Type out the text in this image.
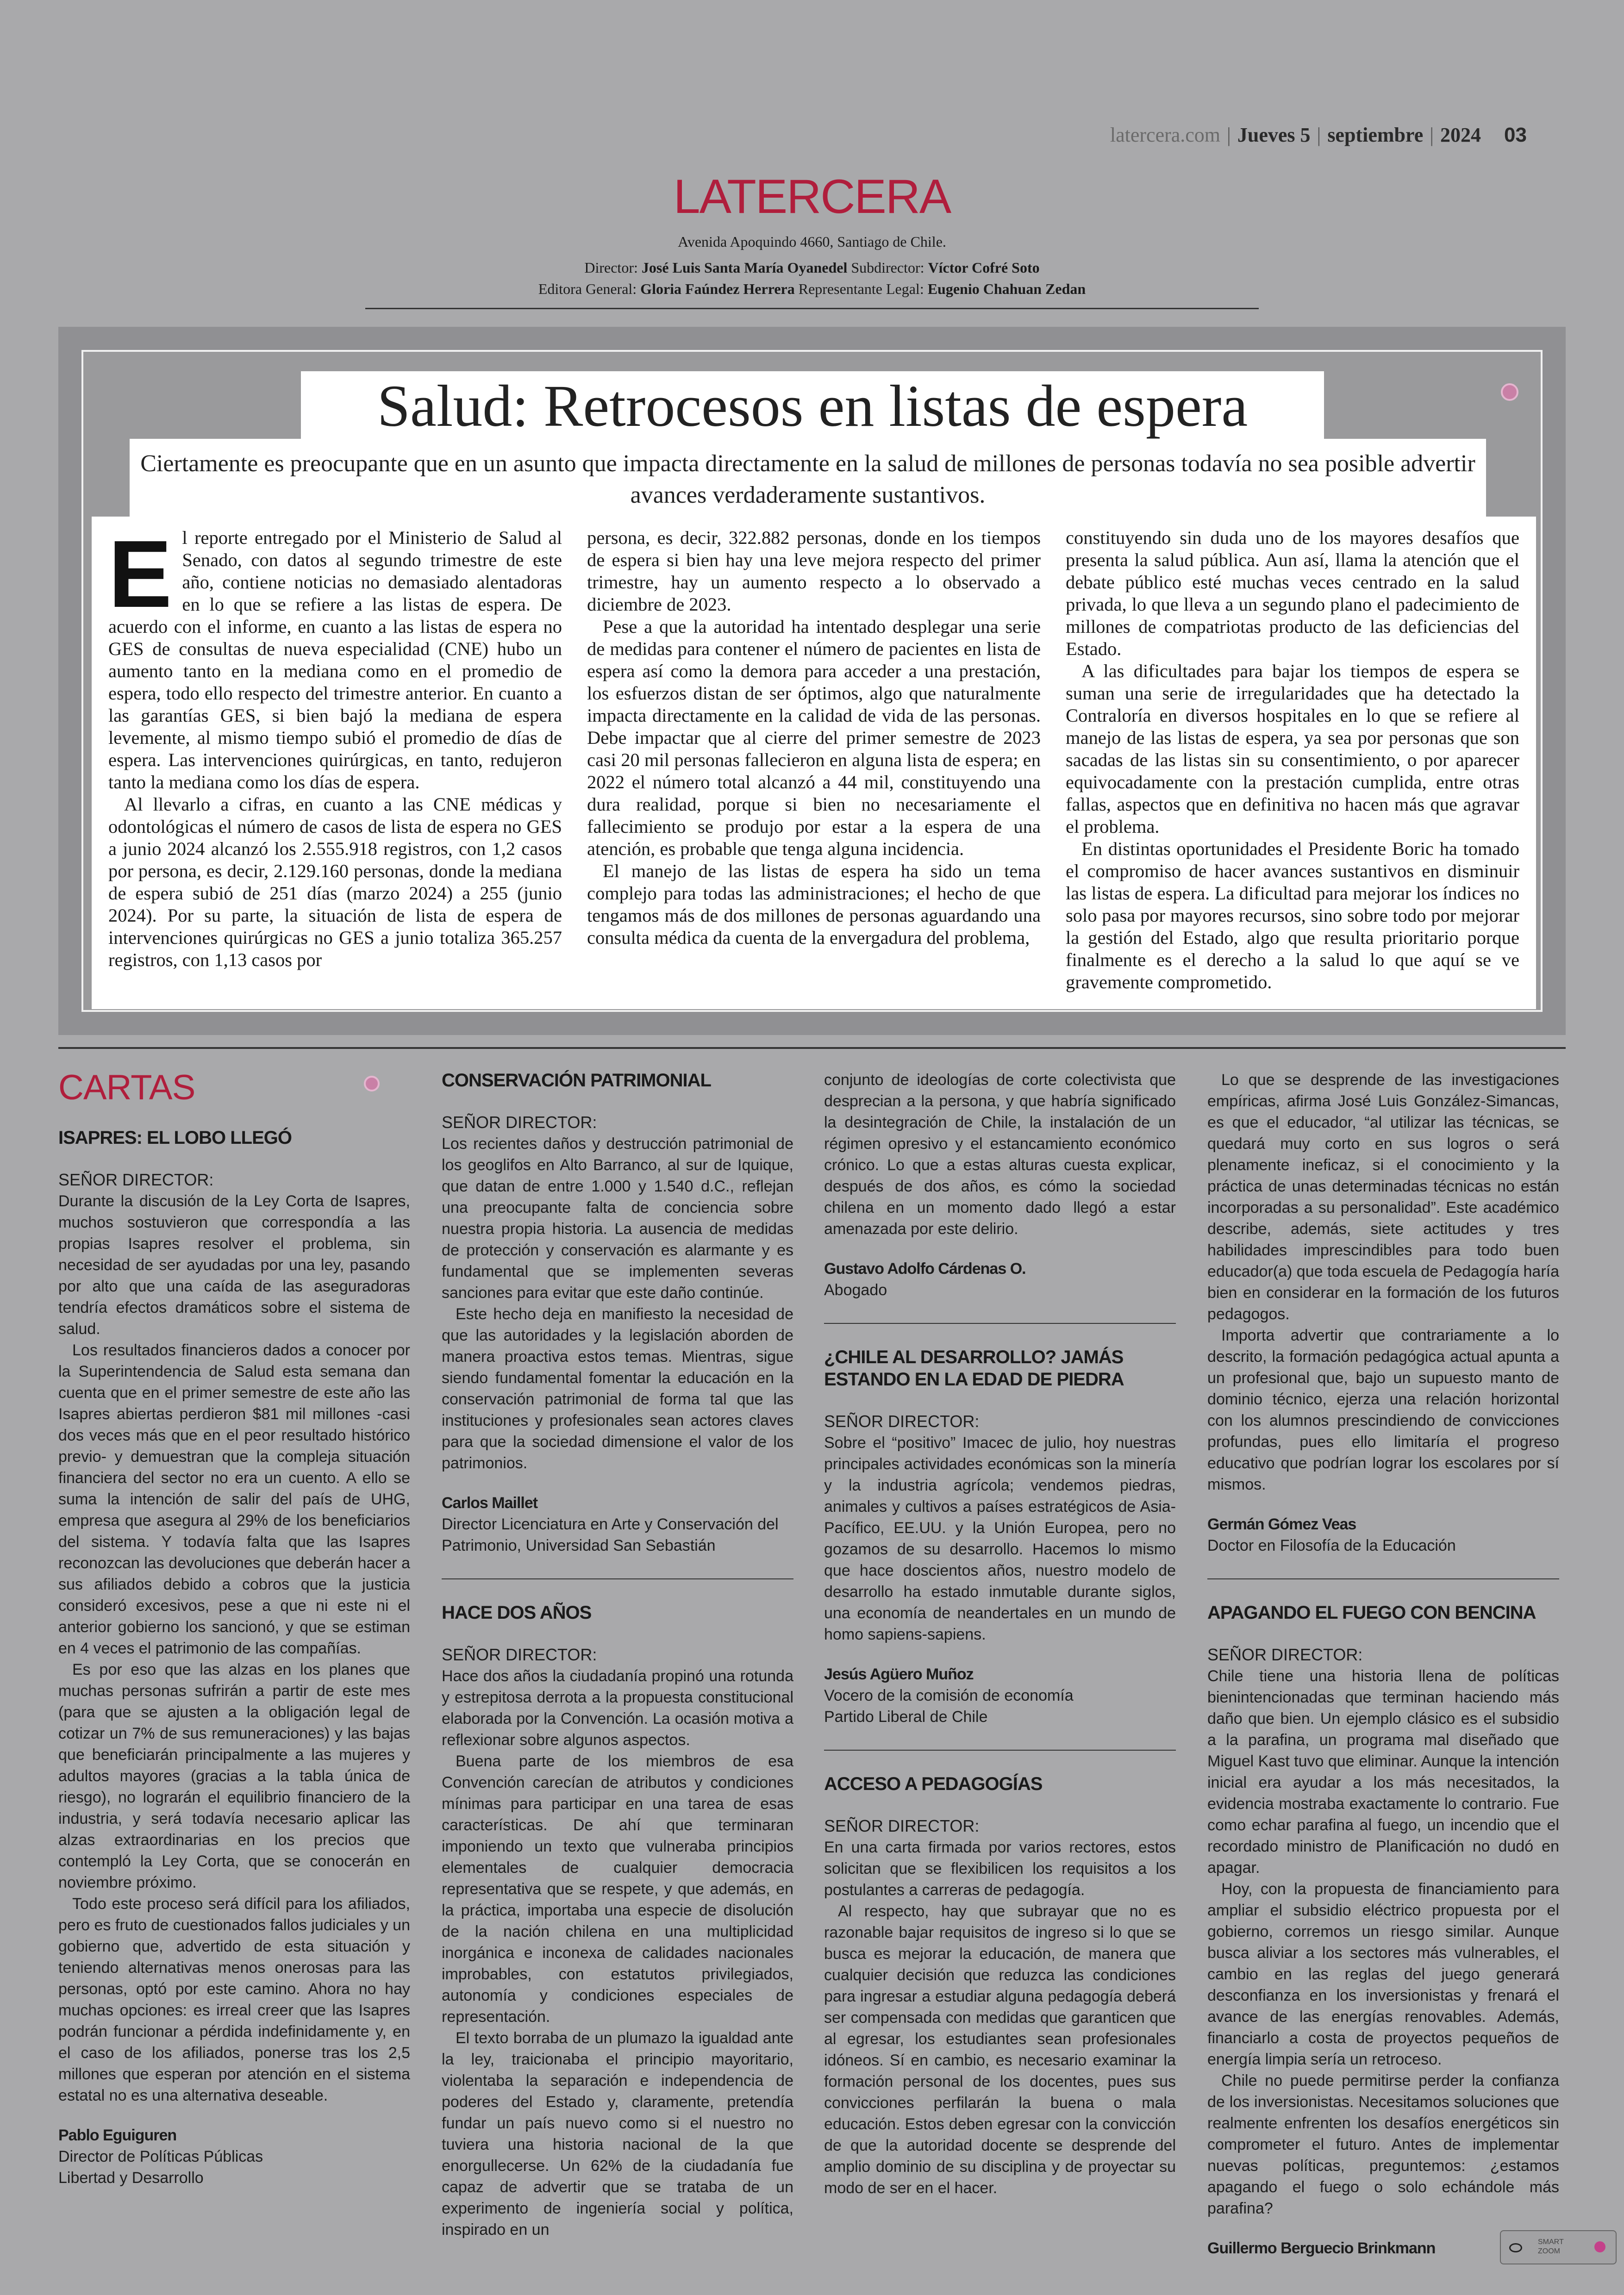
latercera.com | Jueves 5 | septiembre | 2024 03
LATERCERA
Avenida Apoquindo 4660, Santiago de Chile.
Director: José Luis Santa María Oyanedel Subdirector: Víctor Cofré Soto
Editora General: Gloria Faúndez Herrera Representante Legal: Eugenio Chahuan Zedan
Salud: Retrocesos en listas de espera
Ciertamente es preocupante que en un asunto que impacta directamente en la salud de millones de personas todavía no sea posible advertir avances verdaderamente sustantivos.
E l reporte entregado por el Ministerio de Salud al Senado, con datos al segundo trimestre de este año, contiene noticias no demasiado alentadoras en lo que se refiere a las listas de espera. De acuerdo con el informe, en cuanto a las listas de espera no GES de consultas de nueva especialidad (CNE) hubo un aumento tanto en la mediana como en el promedio de espera, todo ello respecto del trimestre anterior. En cuanto a las garantías GES, si bien bajó la mediana de espera levemente, al mismo tiempo subió el promedio de días de espera. Las intervenciones quirúrgicas, en tanto, redujeron tanto la mediana como los días de espera.

Al llevarlo a cifras, en cuanto a las CNE médicas y odontológicas el número de casos de lista de espera no GES a junio 2024 alcanzó los 2.555.918 registros, con 1,2 casos por persona, es decir, 2.129.160 personas, donde la mediana de espera subió de 251 días (marzo 2024) a 255 (junio 2024). Por su parte, la situación de lista de espera de intervenciones quirúrgicas no GES a junio totaliza 365.257 registros, con 1,13 casos por

persona, es decir, 322.882 personas, donde en los tiempos de espera si bien hay una leve mejora respecto del primer trimestre, hay un aumento respecto a lo observado a diciembre de 2023.

Pese a que la autoridad ha intentado desplegar una serie de medidas para contener el número de pacientes en lista de espera así como la demora para acceder a una prestación, los esfuerzos distan de ser óptimos, algo que naturalmente impacta directamente en la calidad de vida de las personas. Debe impactar que al cierre del primer semestre de 2023 casi 20 mil personas fallecieron en alguna lista de espera; en 2022 el número total alcanzó a 44 mil, constituyendo una dura realidad, porque si bien no necesariamente el fallecimiento se produjo por estar a la espera de una atención, es probable que tenga alguna incidencia.

El manejo de las listas de espera ha sido un tema complejo para todas las administraciones; el hecho de que tengamos más de dos millones de personas aguardando una consulta médica da cuenta de la envergadura del problema,

constituyendo sin duda uno de los mayores desafíos que presenta la salud pública. Aun así, llama la atención que el debate público esté muchas veces centrado en la salud privada, lo que lleva a un segundo plano el padecimiento de millones de compatriotas producto de las deficiencias del Estado.

A las dificultades para bajar los tiempos de espera se suman una serie de irregularidades que ha detectado la Contraloría en diversos hospitales en lo que se refiere al manejo de las listas de espera, ya sea por personas que son sacadas de las listas sin su consentimiento, o por aparecer equivocadamente con la prestación cumplida, entre otras fallas, aspectos que en definitiva no hacen más que agravar el problema.

En distintas oportunidades el Presidente Boric ha tomado el compromiso de hacer avances sustantivos en disminuir las listas de espera. La dificultad para mejorar los índices no solo pasa por mayores recursos, sino sobre todo por mejorar la gestión del Estado, algo que resulta prioritario porque finalmente es el derecho a la salud lo que aquí se ve gravemente comprometido.

CARTAS
ISAPRES: EL LOBO LLEGÓ
SEÑOR DIRECTOR:

Durante la discusión de la Ley Corta de Isapres, muchos sostuvieron que correspondía a las propias Isapres resolver el problema, sin necesidad de ser ayudadas por una ley, pasando por alto que una caída de las aseguradoras tendría efectos dramáticos sobre el sistema de salud.

Los resultados financieros dados a conocer por la Superintendencia de Salud esta semana dan cuenta que en el primer semestre de este año las Isapres abiertas perdieron $81 mil millones -casi dos veces más que en el peor resultado histórico previo- y demuestran que la compleja situación financiera del sector no era un cuento. A ello se suma la intención de salir del país de UHG, empresa que asegura al 29% de los beneficiarios del sistema. Y todavía falta que las Isapres reconozcan las devoluciones que deberán hacer a sus afiliados debido a cobros que la justicia consideró excesivos, pese a que ni este ni el anterior gobierno los sancionó, y que se estiman en 4 veces el patrimonio de las compañías.

Es por eso que las alzas en los planes que muchas personas sufrirán a partir de este mes (para que se ajusten a la obligación legal de cotizar un 7% de sus remuneraciones) y las bajas que beneficiarán principalmente a las mujeres y adultos mayores (gracias a la tabla única de riesgo), no lograrán el equilibrio financiero de la industria, y será todavía necesario aplicar las alzas extraordinarias en los precios que contempló la Ley Corta, que se conocerán en noviembre próximo.

Todo este proceso será difícil para los afiliados, pero es fruto de cuestionados fallos judiciales y un gobierno que, advertido de esta situación y teniendo alternativas menos onerosas para las personas, optó por este camino. Ahora no hay muchas opciones: es irreal creer que las Isapres podrán funcionar a pérdida indefinidamente y, en el caso de los afiliados, ponerse tras los 2,5 millones que esperan por atención en el sistema estatal no es una alternativa deseable.

Pablo Eguiguren
Director de Políticas Públicas
Libertad y Desarrollo
CONSERVACIÓN PATRIMONIAL
SEÑOR DIRECTOR:

Los recientes daños y destrucción patrimonial de los geoglifos en Alto Barranco, al sur de Iquique, que datan de entre 1.000 y 1.540 d.C., reflejan una preocupante falta de conciencia sobre nuestra propia historia. La ausencia de medidas de protección y conservación es alarmante y es fundamental que se implementen severas sanciones para evitar que este daño continúe.

Este hecho deja en manifiesto la necesidad de que las autoridades y la legislación aborden de manera proactiva estos temas. Mientras, sigue siendo fundamental fomentar la educación en la conservación patrimonial de forma tal que las instituciones y profesionales sean actores claves para que la sociedad dimensione el valor de los patrimonios.

Carlos Maillet
Director Licenciatura en Arte y Conservación del
Patrimonio, Universidad San Sebastián
HACE DOS AÑOS
SEÑOR DIRECTOR:

Hace dos años la ciudadanía propinó una rotunda y estrepitosa derrota a la propuesta constitucional elaborada por la Convención. La ocasión motiva a reflexionar sobre algunos aspectos.

Buena parte de los miembros de esa Convención carecían de atributos y condiciones mínimas para participar en una tarea de esas características. De ahí que terminaran imponiendo un texto que vulneraba principios elementales de cualquier democracia representativa que se respete, y que además, en la práctica, importaba una especie de disolución de la nación chilena en una multiplicidad inorgánica e inconexa de calidades nacionales improbables, con estatutos privilegiados, autonomía y condiciones especiales de representación.

El texto borraba de un plumazo la igualdad ante la ley, traicionaba el principio mayoritario, violentaba la separación e independencia de poderes del Estado y, claramente, pretendía fundar un país nuevo como si el nuestro no tuviera una historia nacional de la que enorgullecerse. Un 62% de la ciudadanía fue capaz de advertir que se trataba de un experimento de ingeniería social y política, inspirado en un

conjunto de ideologías de corte colectivista que desprecian a la persona, y que habría significado la desintegración de Chile, la instalación de un régimen opresivo y el estancamiento económico crónico. Lo que a estas alturas cuesta explicar, después de dos años, es cómo la sociedad chilena en un momento dado llegó a estar amenazada por este delirio.

Gustavo Adolfo Cárdenas O.
Abogado
¿CHILE AL DESARROLLO? JAMÁS ESTANDO EN LA EDAD DE PIEDRA
SEÑOR DIRECTOR:

Sobre el “positivo” Imacec de julio, hoy nuestras principales actividades económicas son la minería y la industria agrícola; vendemos piedras, animales y cultivos a países estratégicos de Asia- Pacífico, EE.UU. y la Unión Europea, pero no gozamos de su desarrollo. Hacemos lo mismo que hace doscientos años, nuestro modelo de desarrollo ha estado inmutable durante siglos, una economía de neandertales en un mundo de homo sapiens-sapiens.

Jesús Agüero Muñoz
Vocero de la comisión de economía
Partido Liberal de Chile
ACCESO A PEDAGOGÍAS
SEÑOR DIRECTOR:

En una carta firmada por varios rectores, estos solicitan que se flexibilicen los requisitos a los postulantes a carreras de pedagogía.

Al respecto, hay que subrayar que no es razonable bajar requisitos de ingreso si lo que se busca es mejorar la educación, de manera que cualquier decisión que reduzca las condiciones para ingresar a estudiar alguna pedagogía deberá ser compensada con medidas que garanticen que al egresar, los estudiantes sean profesionales idóneos. Sí en cambio, es necesario examinar la formación personal de los docentes, pues sus convicciones perfilarán la buena o mala educación. Estos deben egresar con la convicción de que la autoridad docente se desprende del amplio dominio de su disciplina y de proyectar su modo de ser en el hacer.

Lo que se desprende de las investigaciones empíricas, afirma José Luis González-Simancas, es que el educador, “al utilizar las técnicas, se quedará muy corto en sus logros o será plenamente ineficaz, si el conocimiento y la práctica de unas determinadas técnicas no están incorporadas a su personalidad”. Este académico describe, además, siete actitudes y tres habilidades imprescindibles para todo buen educador(a) que toda escuela de Pedagogía haría bien en considerar en la formación de los futuros pedagogos.

Importa advertir que contrariamente a lo descrito, la formación pedagógica actual apunta a un profesional que, bajo un supuesto manto de dominio técnico, ejerza una relación horizontal con los alumnos prescindiendo de convicciones profundas, pues ello limitaría el progreso educativo que podrían lograr los escolares por sí mismos.

Germán Gómez Veas
Doctor en Filosofía de la Educación
APAGANDO EL FUEGO CON BENCINA
SEÑOR DIRECTOR:

Chile tiene una historia llena de políticas bienintencionadas que terminan haciendo más daño que bien. Un ejemplo clásico es el subsidio a la parafina, un programa mal diseñado que Miguel Kast tuvo que eliminar. Aunque la intención inicial era ayudar a los más necesitados, la evidencia mostraba exactamente lo contrario. Fue como echar parafina al fuego, un incendio que el recordado ministro de Planificación no dudó en apagar.

Hoy, con la propuesta de financiamiento para ampliar el subsidio eléctrico propuesta por el gobierno, corremos un riesgo similar. Aunque busca aliviar a los sectores más vulnerables, el cambio en las reglas del juego generará desconfianza en los inversionistas y frenará el avance de las energías renovables. Además, financiarlo a costa de proyectos pequeños de energía limpia sería un retroceso.

Chile no puede permitirse perder la confianza de los inversionistas. Necesitamos soluciones que realmente enfrenten los desafíos energéticos sin comprometer el futuro. Antes de implementar nuevas políticas, preguntemos: ¿estamos apagando el fuego o solo echándole más parafina?

Guillermo Berguecio Brinkmann	SMART
ZOOM
